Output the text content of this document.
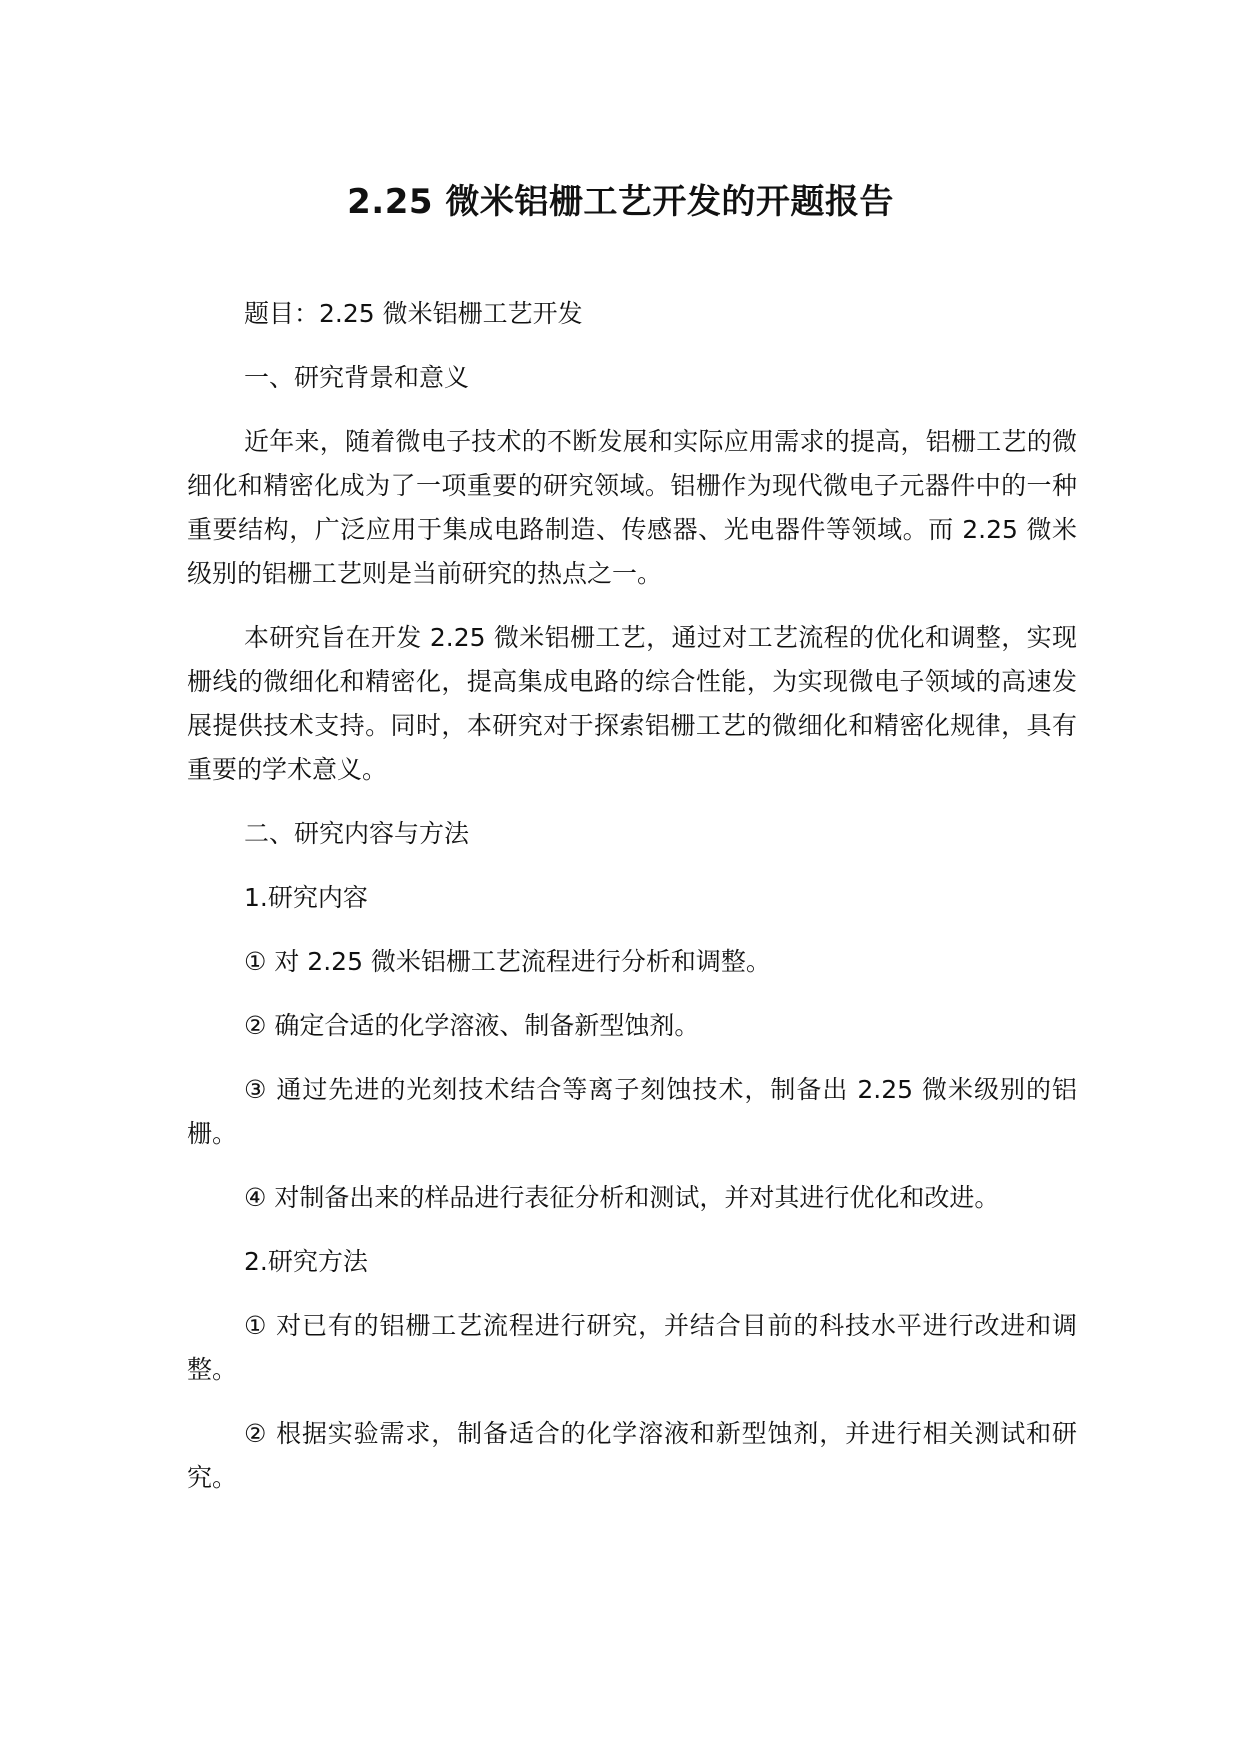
2.25 微米铝栅工艺开发的开题报告

题目：2.25 微米铝栅工艺开发

一、研究背景和意义

近年来，随着微电子技术的不断发展和实际应用需求的提高，铝栅工艺的微细化和精密化成为了一项重要的研究领域。铝栅作为现代微电子元器件中的一种重要结构，广泛应用于集成电路制造、传感器、光电器件等领域。而 2.25 微米级别的铝栅工艺则是当前研究的热点之一。

本研究旨在开发 2.25 微米铝栅工艺，通过对工艺流程的优化和调整，实现栅线的微细化和精密化，提高集成电路的综合性能，为实现微电子领域的高速发展提供技术支持。同时，本研究对于探索铝栅工艺的微细化和精密化规律，具有重要的学术意义。

二、研究内容与方法

1.研究内容

① 对 2.25 微米铝栅工艺流程进行分析和调整。

② 确定合适的化学溶液、制备新型蚀剂。

③ 通过先进的光刻技术结合等离子刻蚀技术，制备出 2.25 微米级别的铝栅。

④ 对制备出来的样品进行表征分析和测试，并对其进行优化和改进。

2.研究方法

① 对已有的铝栅工艺流程进行研究，并结合目前的科技水平进行改进和调整。

② 根据实验需求，制备适合的化学溶液和新型蚀剂，并进行相关测试和研究。
